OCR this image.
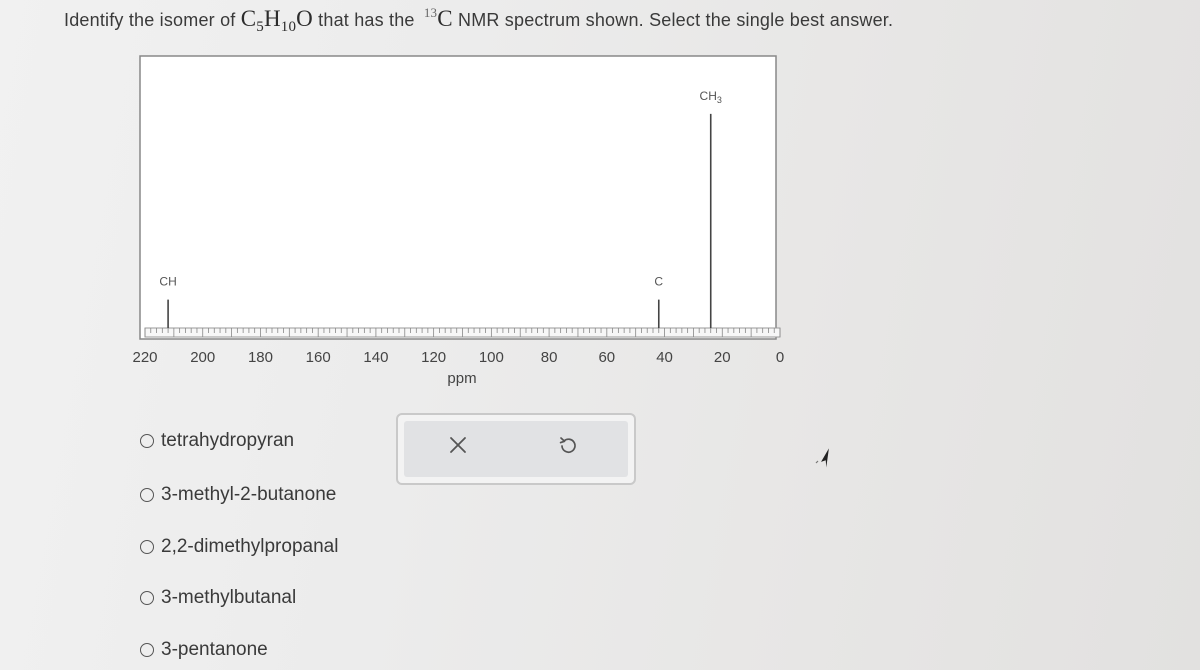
Identify the isomer of $C_5H_{10}O$ that has the $^{13}$C NMR spectrum shown. Select the single best answer.
CH	C
$CH_3$
220 200 180 160 140 120 100 80	60	40	20	0
ppm
tetrahydropyran
3-methyl-2-butanone
2,2-dimethylpropanal
3-methylbutanal
3-pentanone
